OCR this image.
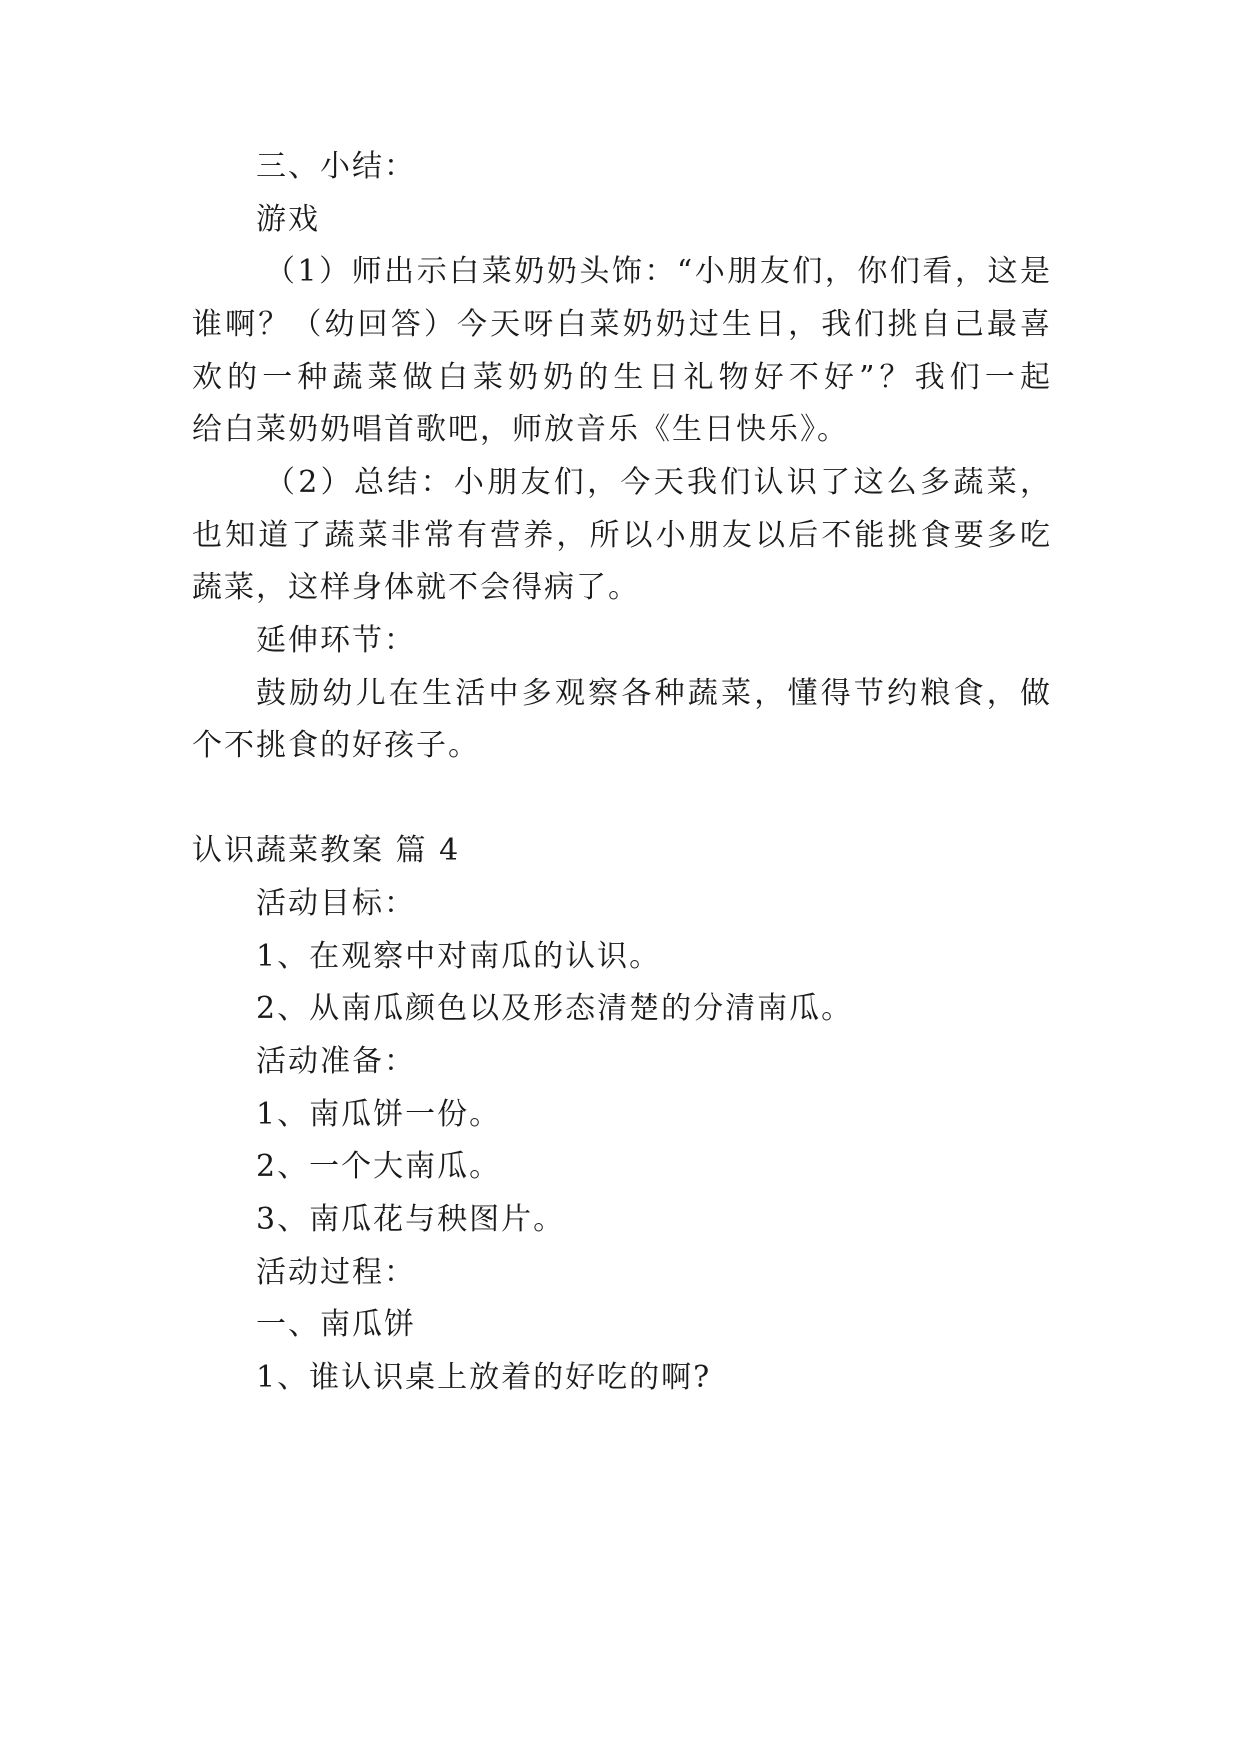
三、小结：
游戏
（1）师出示白菜奶奶头饰：“小朋友们，你们看，这是
谁啊？（幼回答）今天呀白菜奶奶过生日，我们挑自己最喜
欢的一种蔬菜做白菜奶奶的生日礼物好不好”？我们一起
给白菜奶奶唱首歌吧，师放音乐《生日快乐》。
（2）总结：小朋友们，今天我们认识了这么多蔬菜，
也知道了蔬菜非常有营养，所以小朋友以后不能挑食要多吃
蔬菜，这样身体就不会得病了。
延伸环节：
鼓励幼儿在生活中多观察各种蔬菜，懂得节约粮食，做
个不挑食的好孩子。
认识蔬菜教案 篇 4
活动目标：
1、在观察中对南瓜的认识。
2、从南瓜颜色以及形态清楚的分清南瓜。
活动准备：
1、南瓜饼一份。
2、一个大南瓜。
3、南瓜花与秧图片。
活动过程：
一、南瓜饼
1、谁认识桌上放着的好吃的啊?
